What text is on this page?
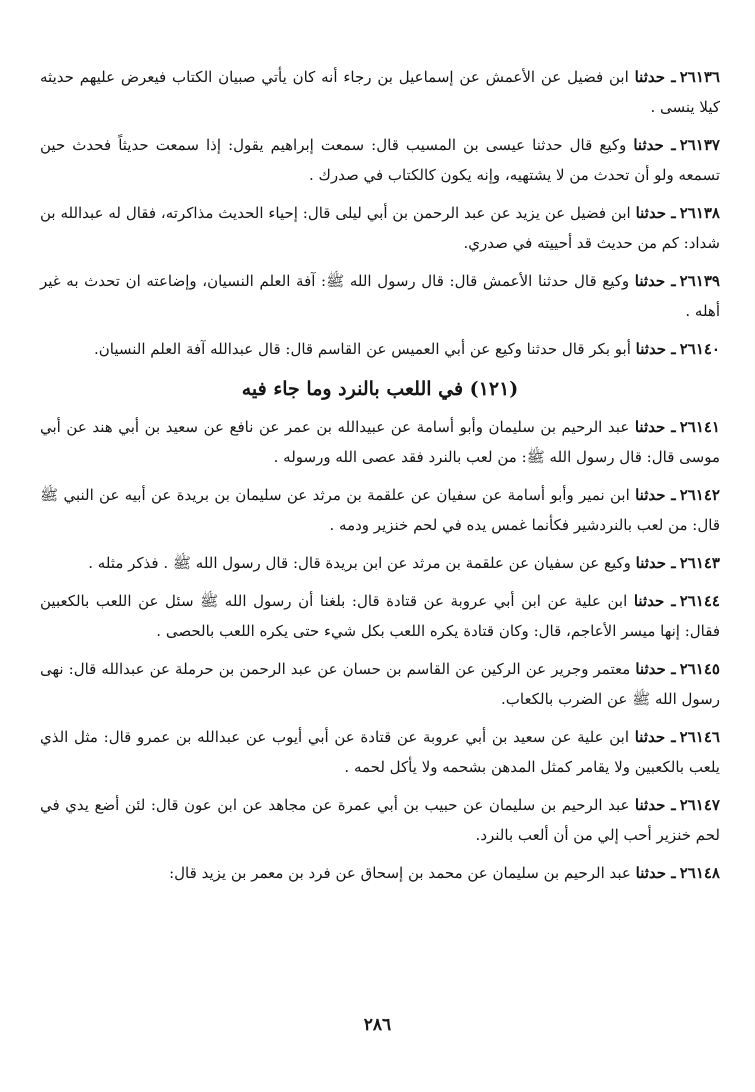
٢٦١٣٦ـ حدثنا ابن فضيل عن الأعمش عن إسماعيل بن رجاء أنه كان يأتي صبيان الكتاب فيعرض عليهم حديثه كيلا ينسى .

٢٦١٣٧ـ حدثنا وكيع قال حدثنا عيسى بن المسيب قال: سمعت إبراهيم يقول: إذا سمعت حديثاً فحدث حين تسمعه ولو أن تحدث من لا يشتهيه، وإنه يكون كالكتاب في صدرك .

٢٦١٣٨ـ حدثنا ابن فضيل عن يزيد عن عبد الرحمن بن أبي ليلى قال: إحياء الحديث مذاكرته، فقال له عبدالله بن شداد: كم من حديث قد أحييته في صدري.

٢٦١٣٩ـ حدثنا وكيع قال حدثنا الأعمش قال: قال رسول الله ﷺ: آفة العلم النسيان، وإضاعته ان تحدث به غير أهله .

٢٦١٤٠ـ حدثنا أبو بكر قال حدثنا وكيع عن أبي العميس عن القاسم قال: قال عبدالله آفة العلم النسيان.

(١٢١) في اللعب بالنرد وما جاء فيه

٢٦١٤١ـ حدثنا عبد الرحيم بن سليمان وأبو أسامة عن عبيدالله بن عمر عن نافع عن سعيد بن أبي هند عن أبي موسى قال: قال رسول الله ﷺ: من لعب بالنرد فقد عصى الله ورسوله .

٢٦١٤٢ـ حدثنا ابن نمير وأبو أسامة عن سفيان عن علقمة بن مرثد عن سليمان بن بريدة عن أبيه عن النبي ﷺ قال: من لعب بالنردشير فكأنما غمس يده في لحم خنزير ودمه .

٢٦١٤٣ـ حدثنا وكيع عن سفيان عن علقمة بن مرثد عن ابن بريدة قال: قال رسول الله ﷺ . فذكر مثله .

٢٦١٤٤ـ حدثنا ابن علية عن ابن أبي عروبة عن قتادة قال: بلغنا أن رسول الله ﷺ سئل عن اللعب بالكعبين فقال: إنها ميسر الأعاجم، قال: وكان قتادة يكره اللعب بكل شيء حتى يكره اللعب بالحصى .

٢٦١٤٥ـ حدثنا معتمر وجرير عن الركين عن القاسم بن حسان عن عبد الرحمن بن حرملة عن عبدالله قال: نهى رسول الله ﷺ عن الضرب بالكعاب.

٢٦١٤٦ـ حدثنا ابن علية عن سعيد بن أبي عروبة عن قتادة عن أبي أيوب عن عبدالله بن عمرو قال: مثل الذي يلعب بالكعبين ولا يقامر كمثل المدهن بشحمه ولا يأكل لحمه .

٢٦١٤٧ـ حدثنا عبد الرحيم بن سليمان عن حبيب بن أبي عمرة عن مجاهد عن ابن عون قال: لئن أضع يدي في لحم خنزير أحب إلي من أن ألعب بالنرد.

٢٦١٤٨ـ حدثنا عبد الرحيم بن سليمان عن محمد بن إسحاق عن فرد بن معمر بن يزيد قال:

٢٨٦
